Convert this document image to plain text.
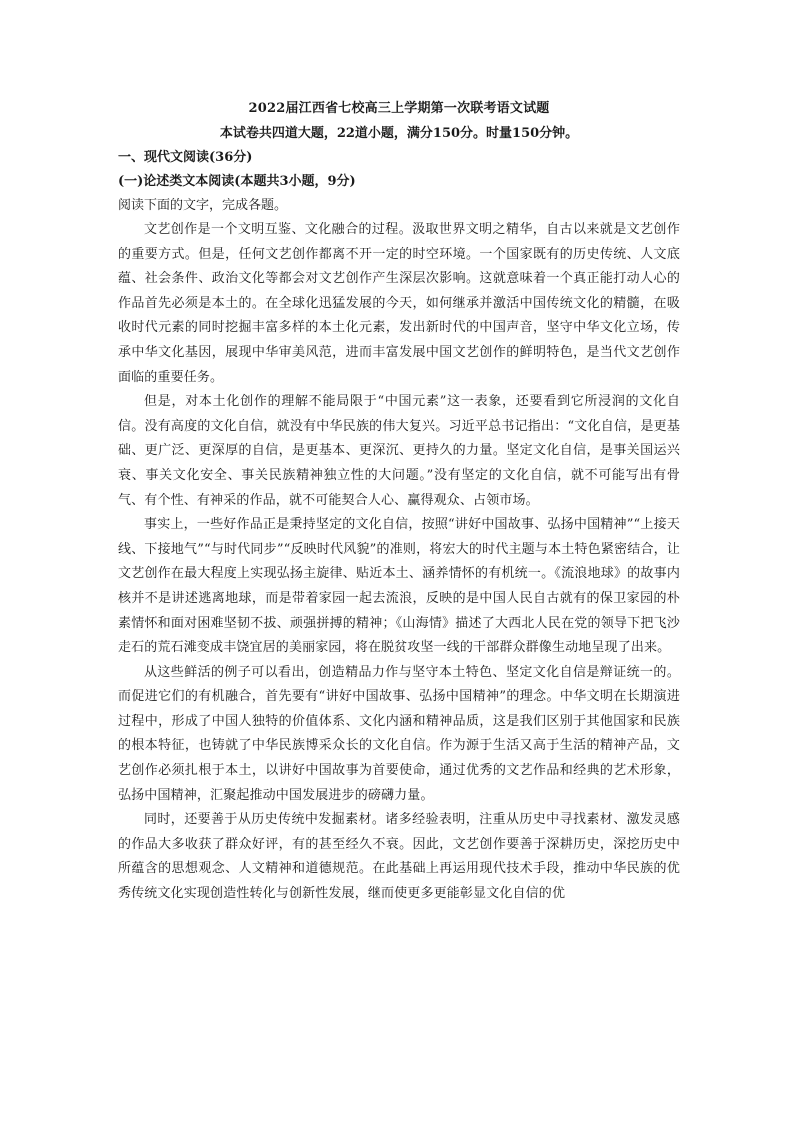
2022届江西省七校高三上学期第一次联考语文试题

本试卷共四道大题，22道小题，满分150分。时量150分钟。

一、现代文阅读(36分)

(一)论述类文本阅读(本题共3小题，9分)

阅读下面的文字，完成各题。

文艺创作是一个文明互鉴、文化融合的过程。汲取世界文明之精华，自古以来就是文艺创作的重要方式。但是，任何文艺创作都离不开一定的时空环境。一个国家既有的历史传统、人文底蕴、社会条件、政治文化等都会对文艺创作产生深层次影响。这就意味着一个真正能打动人心的作品首先必须是本土的。在全球化迅猛发展的今天，如何继承并激活中国传统文化的精髓，在吸收时代元素的同时挖掘丰富多样的本土化元素，发出新时代的中国声音，坚守中华文化立场，传承中华文化基因，展现中华审美风范，进而丰富发展中国文艺创作的鲜明特色，是当代文艺创作面临的重要任务。

但是，对本土化创作的理解不能局限于“中国元素”这一表象，还要看到它所浸润的文化自信。没有高度的文化自信，就没有中华民族的伟大复兴。习近平总书记指出：“文化自信，是更基础、更广泛、更深厚的自信，是更基本、更深沉、更持久的力量。坚定文化自信，是事关国运兴衰、事关文化安全、事关民族精神独立性的大问题。”没有坚定的文化自信，就不可能写出有骨气、有个性、有神采的作品，就不可能契合人心、赢得观众、占领市场。

事实上，一些好作品正是秉持坚定的文化自信，按照“讲好中国故事、弘扬中国精神”“上接天线、下接地气”“与时代同步”“反映时代风貌”的准则，将宏大的时代主题与本土特色紧密结合，让文艺创作在最大程度上实现弘扬主旋律、贴近本土、涵养情怀的有机统一。《流浪地球》的故事内核并不是讲述逃离地球，而是带着家园一起去流浪，反映的是中国人民自古就有的保卫家园的朴素情怀和面对困难坚韧不拔、顽强拼搏的精神；《山海情》描述了大西北人民在党的领导下把飞沙走石的荒石滩变成丰饶宜居的美丽家园，将在脱贫攻坚一线的干部群众群像生动地呈现了出来。

从这些鲜活的例子可以看出，创造精品力作与坚守本土特色、坚定文化自信是辩证统一的。而促进它们的有机融合，首先要有“讲好中国故事、弘扬中国精神”的理念。中华文明在长期演进过程中，形成了中国人独特的价值体系、文化内涵和精神品质，这是我们区别于其他国家和民族的根本特征，也铸就了中华民族博采众长的文化自信。作为源于生活又高于生活的精神产品，文艺创作必须扎根于本土，以讲好中国故事为首要使命，通过优秀的文艺作品和经典的艺术形象，弘扬中国精神，汇聚起推动中国发展进步的磅礴力量。

同时，还要善于从历史传统中发掘素材。诸多经验表明，注重从历史中寻找素材、激发灵感的作品大多收获了群众好评，有的甚至经久不衰。因此，文艺创作要善于深耕历史，深挖历史中所蕴含的思想观念、人文精神和道德规范。在此基础上再运用现代技术手段，推动中华民族的优秀传统文化实现创造性转化与创新性发展，继而使更多更能彰显文化自信的优
